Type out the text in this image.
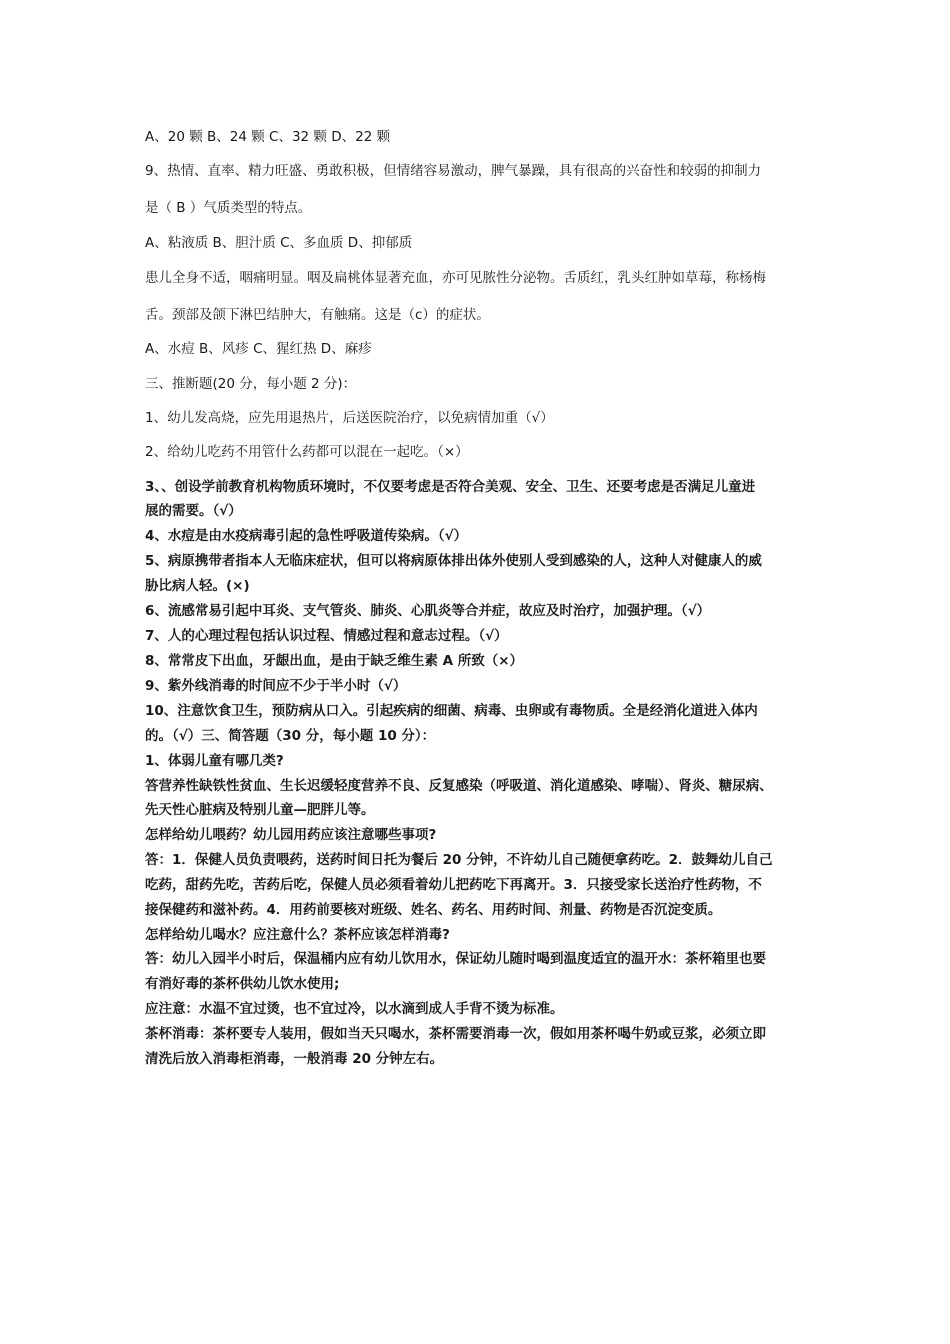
A、20 颗 B、24 颗 C、32 颗 D、22 颗
9、热情、直率、精力旺盛、勇敢积极，但情绪容易激动，脾气暴躁，具有很高的兴奋性和较弱的抑制力
是（ B ）气质类型的特点。
A、粘液质 B、胆汁质 C、多血质 D、抑郁质
患儿全身不适，咽痛明显。咽及扁桃体显著充血，亦可见脓性分泌物。舌质红，乳头红肿如草莓，称杨梅
舌。颈部及颌下淋巴结肿大，有触痛。这是（c）的症状。
A、水痘 B、风疹 C、猩红热 D、麻疹
三、推断题(20 分，每小题 2 分)：
1、幼儿发高烧，应先用退热片，后送医院治疗，以免病情加重（√）
2、给幼儿吃药不用管什么药都可以混在一起吃。（×）
3、、创设学前教育机构物质环境时，不仅要考虑是否符合美观、安全、卫生、还要考虑是否满足儿童进
展的需要。（√）
4、水痘是由水疫病毒引起的急性呼吸道传染病。（√）
5、病原携带者指本人无临床症状，但可以将病原体排出体外使别人受到感染的人，这种人对健康人的威
胁比病人轻。(×)
6、流感常易引起中耳炎、支气管炎、肺炎、心肌炎等合并症，故应及时治疗，加强护理。（√）
7、人的心理过程包括认识过程、情感过程和意志过程。（√）
8、常常皮下出血，牙龈出血，是由于缺乏维生素 A 所致（×）
9、紫外线消毒的时间应不少于半小时（√）
10、注意饮食卫生，预防病从口入。引起疾病的细菌、病毒、虫卵或有毒物质。全是经消化道进入体内
的。（√）三、简答题（30 分，每小题 10 分）：
1、体弱儿童有哪几类?
答营养性缺铁性贫血、生长迟缓轻度营养不良、反复感染（呼吸道、消化道感染、哮喘）、肾炎、糖尿病、
先天性心脏病及特别儿童—肥胖儿等。
怎样给幼儿喂药？幼儿园用药应该注意哪些事项?
答：1．保健人员负责喂药，送药时间日托为餐后 20 分钟，不许幼儿自己随便拿药吃。2．鼓舞幼儿自己
吃药，甜药先吃，苦药后吃，保健人员必须看着幼儿把药吃下再离开。3．只接受家长送治疗性药物，不
接保健药和滋补药。4．用药前要核对班级、姓名、药名、用药时间、剂量、药物是否沉淀变质。
怎样给幼儿喝水？应注意什么？茶杯应该怎样消毒?
答：幼儿入园半小时后，保温桶内应有幼儿饮用水，保证幼儿随时喝到温度适宜的温开水：茶杯箱里也要
有消好毒的茶杯供幼儿饮水使用;
应注意：水温不宜过烫，也不宜过冷，以水滴到成人手背不烫为标准。
茶杯消毒：茶杯要专人装用，假如当天只喝水，茶杯需要消毒一次，假如用茶杯喝牛奶或豆浆，必须立即
清洗后放入消毒柜消毒，一般消毒 20 分钟左右。
